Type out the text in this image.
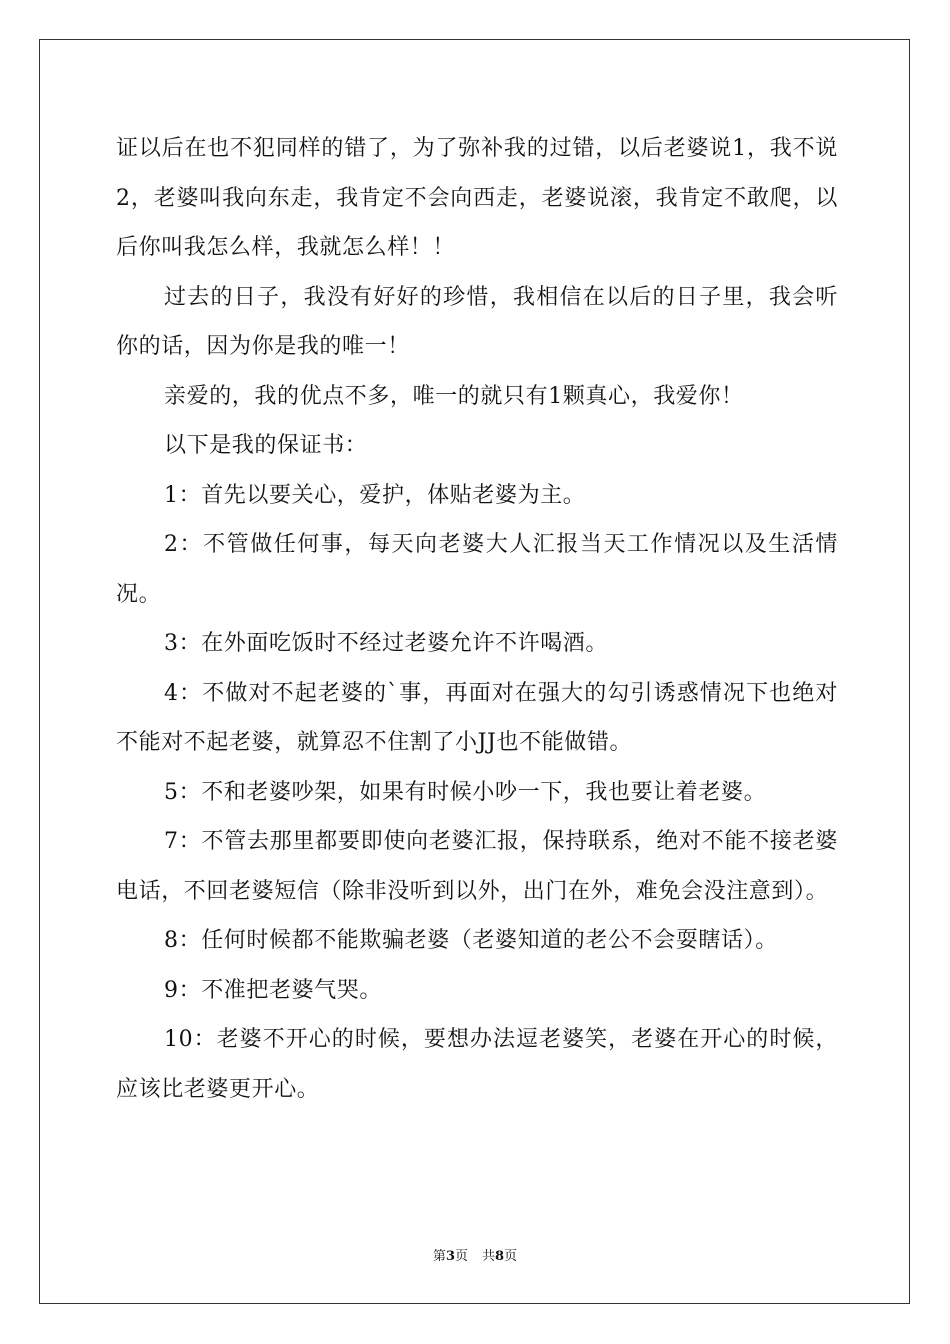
证以后在也不犯同样的错了，为了弥补我的过错，以后老婆说1，我不说2，老婆叫我向东走，我肯定不会向西走，老婆说滚，我肯定不敢爬，以后你叫我怎么样，我就怎么样！！

过去的日子，我没有好好的珍惜，我相信在以后的日子里，我会听你的话，因为你是我的唯一！

亲爱的，我的优点不多，唯一的就只有1颗真心，我爱你！

以下是我的保证书：

1：首先以要关心，爱护，体贴老婆为主。

2：不管做任何事，每天向老婆大人汇报当天工作情况以及生活情况。

3：在外面吃饭时不经过老婆允许不许喝酒。

4：不做对不起老婆的`事，再面对在强大的勾引诱惑情况下也绝对不能对不起老婆，就算忍不住割了小JJ也不能做错。

5：不和老婆吵架，如果有时候小吵一下，我也要让着老婆。

7：不管去那里都要即使向老婆汇报，保持联系，绝对不能不接老婆电话，不回老婆短信（除非没听到以外，出门在外，难免会没注意到）。

8：任何时候都不能欺骗老婆（老婆知道的老公不会耍瞎话）。

9：不准把老婆气哭。

10：老婆不开心的时候，要想办法逗老婆笑，老婆在开心的时候，应该比老婆更开心。

第3页 共8页
